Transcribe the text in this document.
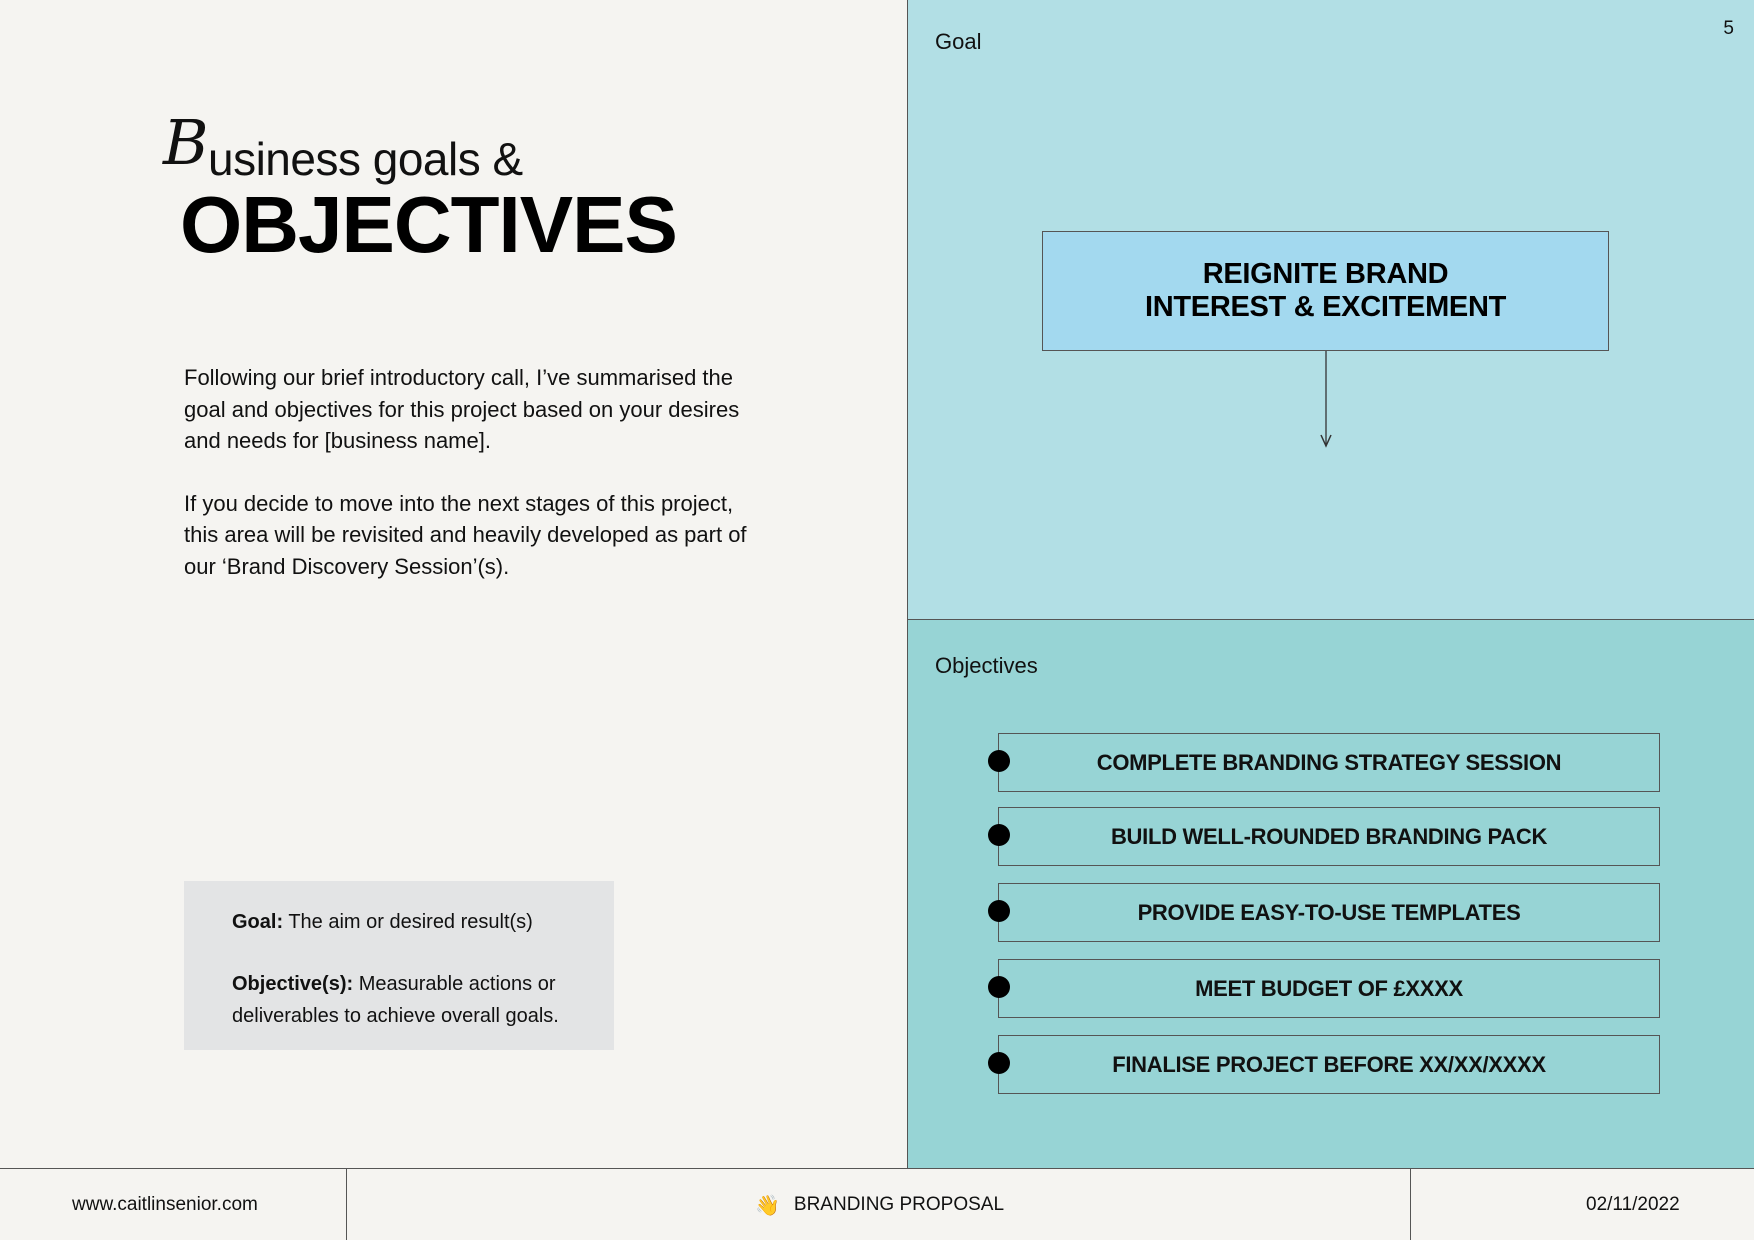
B usiness goals &
OBJECTIVES

Following our brief introductory call, I’ve summarised the goal and objectives for this project based on your desires and needs for [business name].

If you decide to move into the next stages of this project, this area will be revisited and heavily developed as part of our ‘Brand Discovery Session’(s).

Goal: The aim or desired result(s)
Objective(s): Measurable actions or deliverables to achieve overall goals.
Goal
5
REIGNITE BRAND
INTEREST & EXCITEMENT
Objectives
COMPLETE BRANDING STRATEGY SESSION
BUILD WELL-ROUNDED BRANDING PACK
PROVIDE EASY-TO-USE TEMPLATES
MEET BUDGET OF £XXXX
FINALISE PROJECT BEFORE XX/XX/XXXX
www.caitlinsenior.com	👋 BRANDING PROPOSAL	02/11/2022
